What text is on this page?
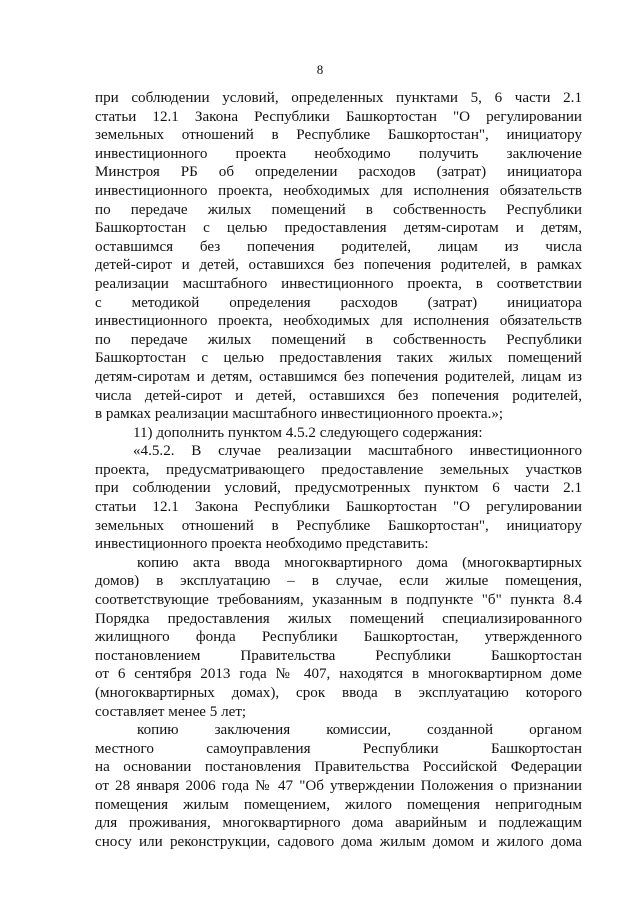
8
при соблюдении условий, определенных пунктами 5, 6 части 2.1
статьи 12.1 Закона Республики Башкортостан "О регулировании
земельных отношений в Республике Башкортостан", инициатору
инвестиционного проекта необходимо получить заключение
Минстроя РБ об определении расходов (затрат) инициатора
инвестиционного проекта, необходимых для исполнения обязательств
по передаче жилых помещений в собственность Республики
Башкортостан с целью предоставления детям-сиротам и детям,
оставшимся без попечения родителей, лицам из числа
детей-сирот и детей, оставшихся без попечения родителей, в рамках
реализации масштабного инвестиционного проекта, в соответствии
с методикой определения расходов (затрат) инициатора
инвестиционного проекта, необходимых для исполнения обязательств
по передаче жилых помещений в собственность Республики
Башкортостан с целью предоставления таких жилых помещений
детям-сиротам и детям, оставшимся без попечения родителей, лицам из
числа детей-сирот и детей, оставшихся без попечения родителей,
в рамках реализации масштабного инвестиционного проекта.»;
11) дополнить пунктом 4.5.2 следующего содержания:
«4.5.2. В случае реализации масштабного инвестиционного
проекта, предусматривающего предоставление земельных участков
при соблюдении условий, предусмотренных пунктом 6 части 2.1
статьи 12.1 Закона Республики Башкортостан "О регулировании
земельных отношений в Республике Башкортостан", инициатору
инвестиционного проекта необходимо представить:
копию акта ввода многоквартирного дома (многоквартирных
домов) в эксплуатацию – в случае, если жилые помещения,
соответствующие требованиям, указанным в подпункте "б" пункта 8.4
Порядка предоставления жилых помещений специализированного
жилищного фонда Республики Башкортостан, утвержденного
постановлением Правительства Республики Башкортостан
от 6 сентября 2013 года № 407, находятся в многоквартирном доме
(многоквартирных домах), срок ввода в эксплуатацию которого
составляет менее 5 лет;
копию заключения комиссии, созданной органом
местного самоуправления Республики Башкортостан
на основании постановления Правительства Российской Федерации
от 28 января 2006 года № 47 "Об утверждении Положения о признании
помещения жилым помещением, жилого помещения непригодным
для проживания, многоквартирного дома аварийным и подлежащим
сносу или реконструкции, садового дома жилым домом и жилого дома
